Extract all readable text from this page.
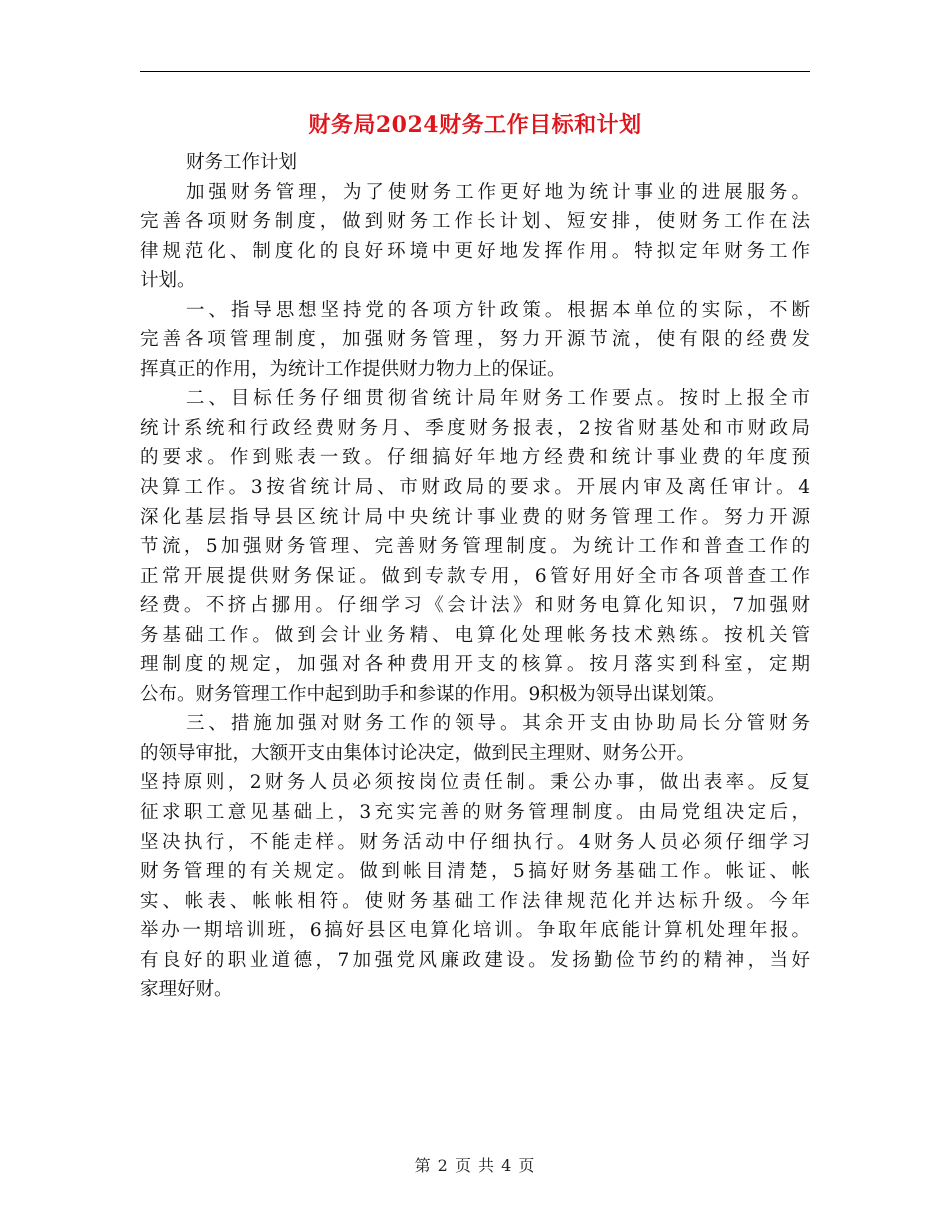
财务局2024财务工作目标和计划
财务工作计划
加强财务管理，为了使财务工作更好地为统计事业的进展服务。
完善各项财务制度，做到财务工作长计划、短安排，使财务工作在法
律规范化、制度化的良好环境中更好地发挥作用。特拟定年财务工作
计划。
一、指导思想坚持党的各项方针政策。根据本单位的实际，不断
完善各项管理制度，加强财务管理，努力开源节流，使有限的经费发
挥真正的作用，为统计工作提供财力物力上的保证。
二、目标任务仔细贯彻省统计局年财务工作要点。按时上报全市
统计系统和行政经费财务月、季度财务报表，2按省财基处和市财政局
的要求。作到账表一致。仔细搞好年地方经费和统计事业费的年度预
决算工作。3按省统计局、市财政局的要求。开展内审及离任审计。4
深化基层指导县区统计局中央统计事业费的财务管理工作。努力开源
节流，5加强财务管理、完善财务管理制度。为统计工作和普查工作的
正常开展提供财务保证。做到专款专用，6管好用好全市各项普查工作
经费。不挤占挪用。仔细学习《会计法》和财务电算化知识，7加强财
务基础工作。做到会计业务精、电算化处理帐务技术熟练。按机关管
理制度的规定，加强对各种费用开支的核算。按月落实到科室，定期
公布。财务管理工作中起到助手和参谋的作用。9积极为领导出谋划策。
三、措施加强对财务工作的领导。其余开支由协助局长分管财务
的领导审批，大额开支由集体讨论决定，做到民主理财、财务公开。
坚持原则，2财务人员必须按岗位责任制。秉公办事，做出表率。反复
征求职工意见基础上，3充实完善的财务管理制度。由局党组决定后，
坚决执行，不能走样。财务活动中仔细执行。4财务人员必须仔细学习
财务管理的有关规定。做到帐目清楚，5搞好财务基础工作。帐证、帐
实、帐表、帐帐相符。使财务基础工作法律规范化并达标升级。今年
举办一期培训班，6搞好县区电算化培训。争取年底能计算机处理年报。
有良好的职业道德，7加强党风廉政建设。发扬勤俭节约的精神，当好
家理好财。
第 2 页 共 4 页
